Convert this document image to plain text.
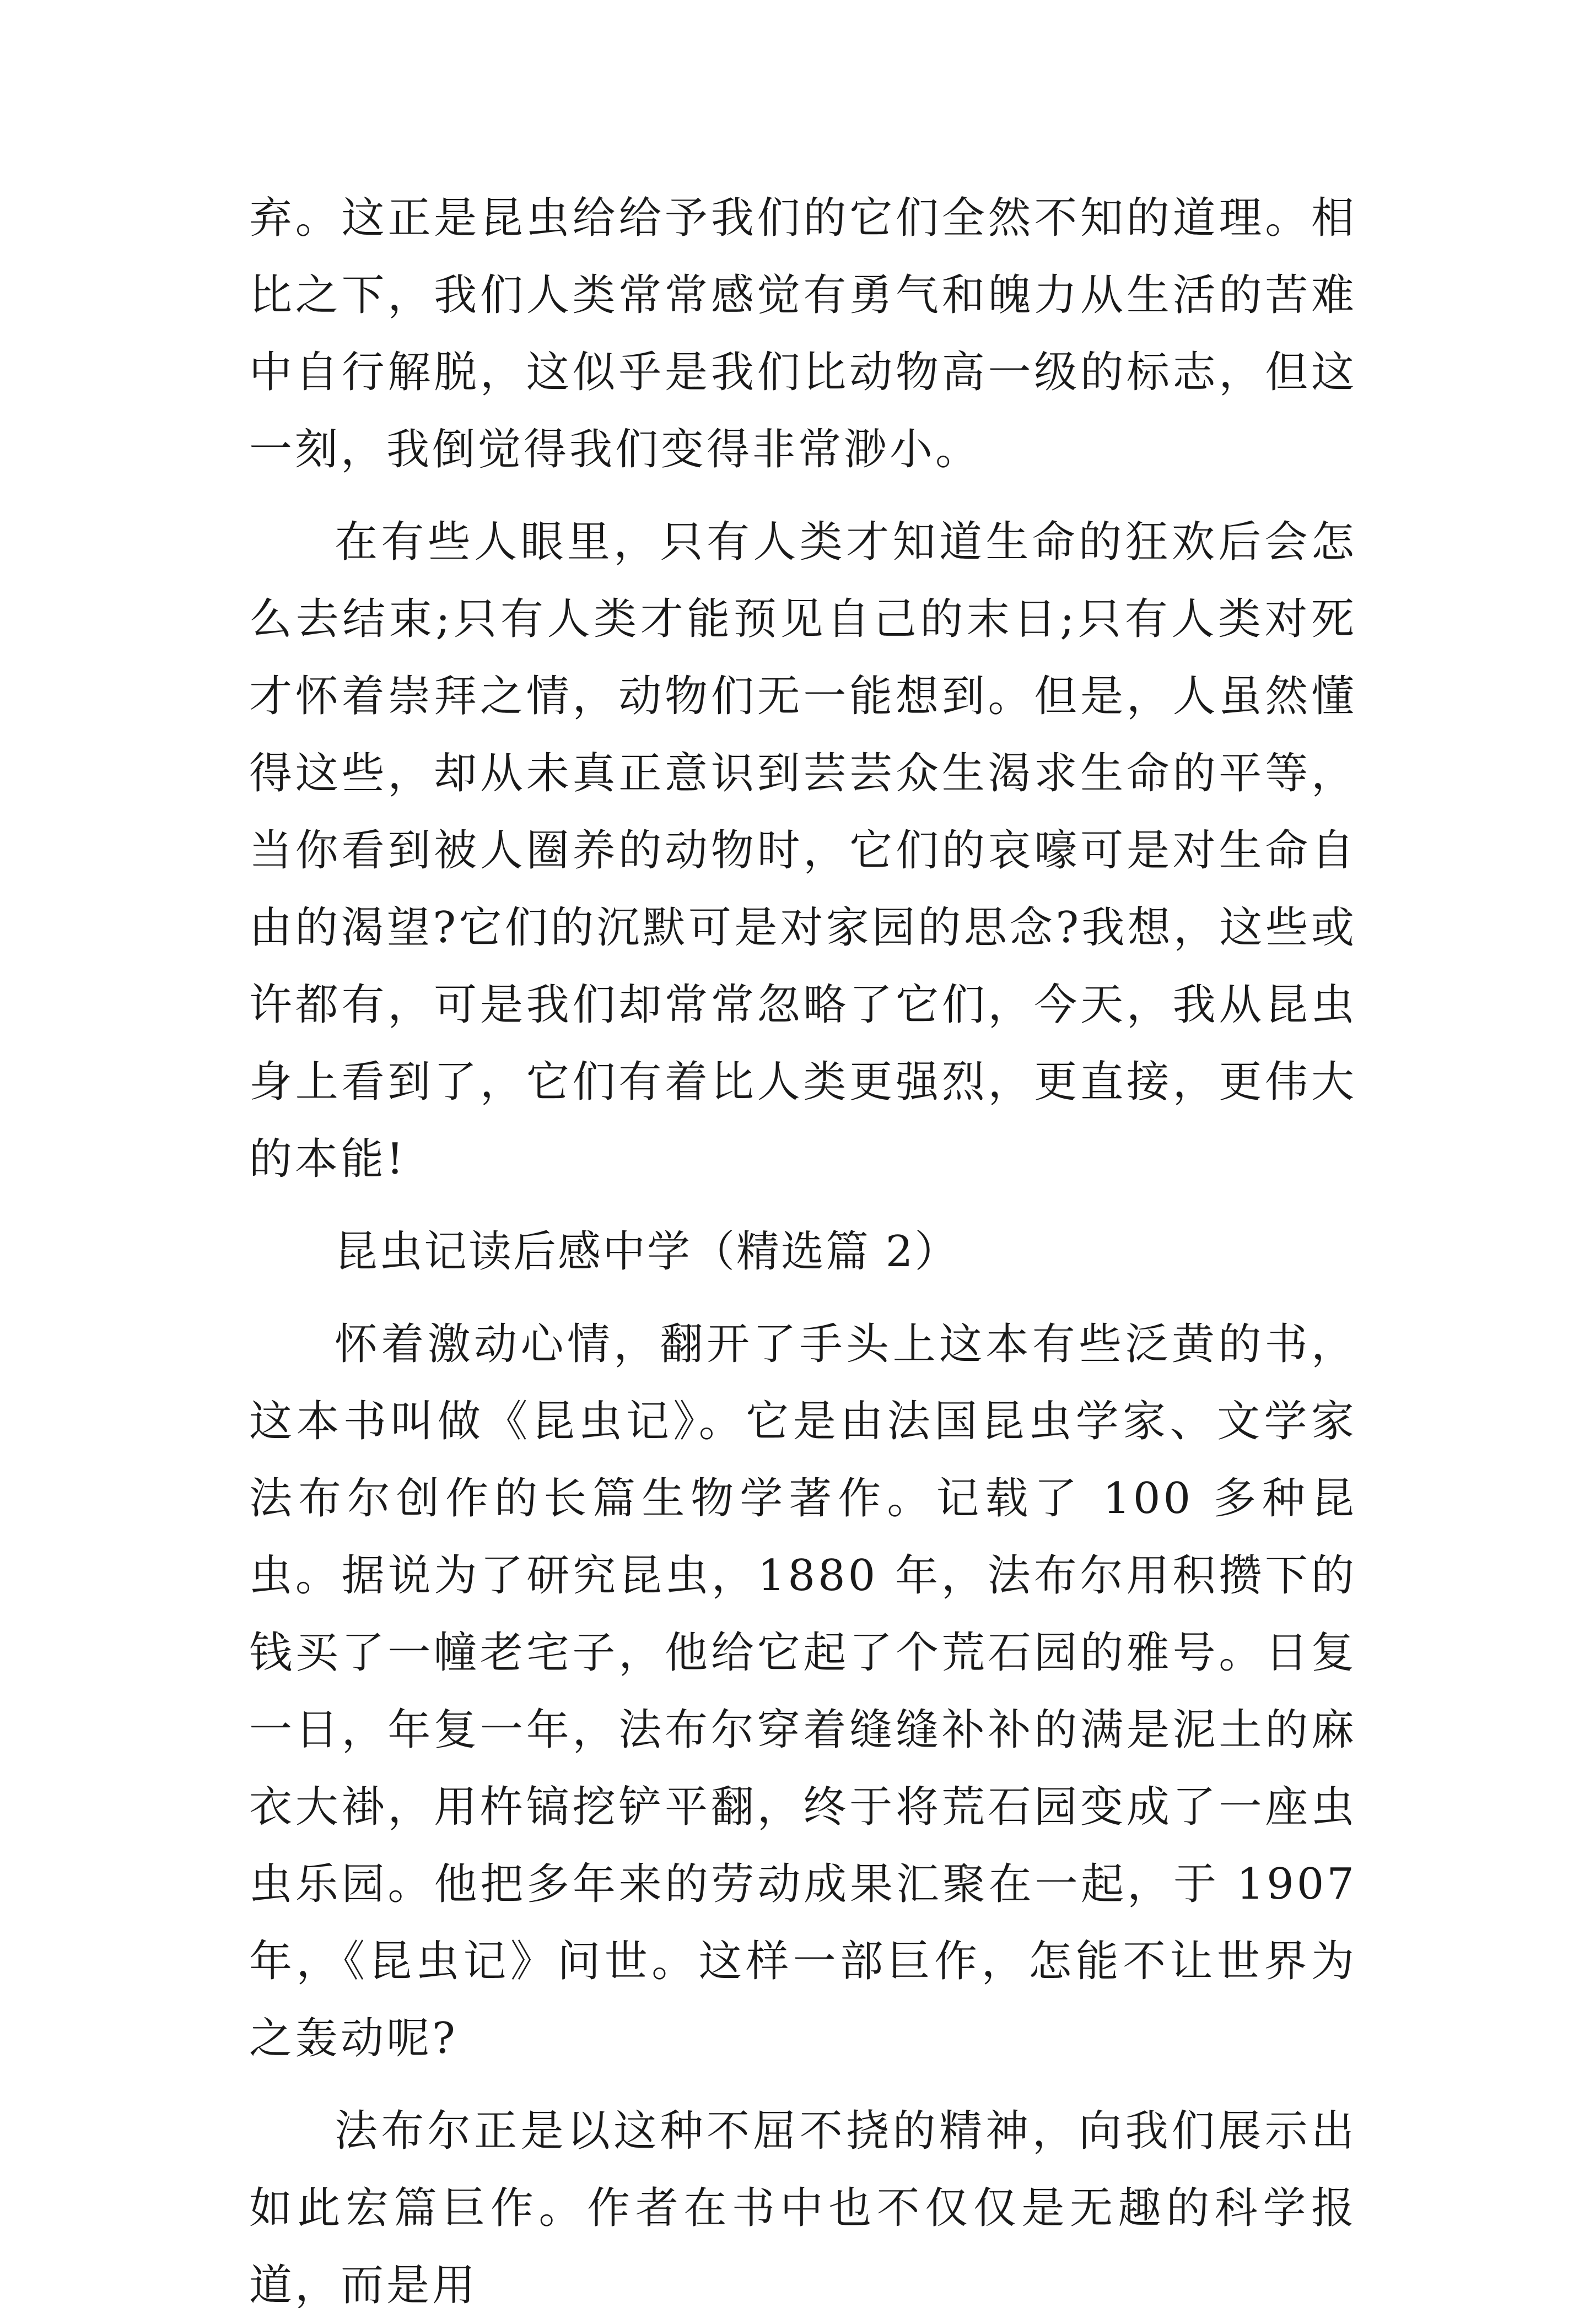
弃。这正是昆虫给给予我们的它们全然不知的道理。相比之下，我们人类常常感觉有勇气和魄力从生活的苦难中自行解脱，这似乎是我们比动物高一级的标志，但这一刻，我倒觉得我们变得非常渺小。

在有些人眼里，只有人类才知道生命的狂欢后会怎么去结束;只有人类才能预见自己的末日;只有人类对死才怀着崇拜之情，动物们无一能想到。但是，人虽然懂得这些，却从未真正意识到芸芸众生渴求生命的平等，当你看到被人圈养的动物时，它们的哀嚎可是对生命自由的渴望?它们的沉默可是对家园的思念?我想，这些或许都有，可是我们却常常忽略了它们，今天，我从昆虫身上看到了，它们有着比人类更强烈，更直接，更伟大的本能!

昆虫记读后感中学（精选篇 2）

怀着激动心情，翻开了手头上这本有些泛黄的书，这本书叫做《昆虫记》。它是由法国昆虫学家、文学家法布尔创作的长篇生物学著作。记载了 100 多种昆虫。据说为了研究昆虫，1880 年，法布尔用积攒下的钱买了一幢老宅子，他给它起了个荒石园的雅号。日复一日，年复一年，法布尔穿着缝缝补补的满是泥土的麻衣大褂，用杵镐挖铲平翻，终于将荒石园变成了一座虫虫乐园。他把多年来的劳动成果汇聚在一起，于 1907 年，《昆虫记》问世。这样一部巨作，怎能不让世界为之轰动呢?

法布尔正是以这种不屈不挠的精神，向我们展示出如此宏篇巨作。作者在书中也不仅仅是无趣的科学报道，而是用
